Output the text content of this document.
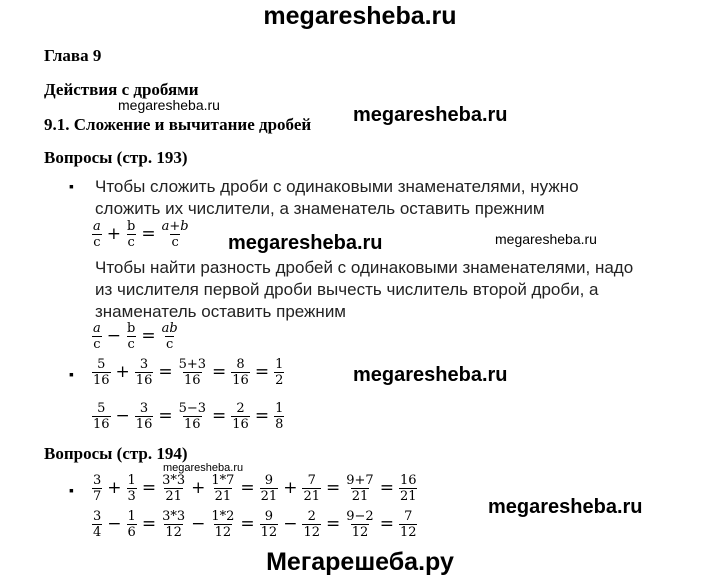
megaresheba.ru
Глава 9
Действия с дробями
megaresheba.ru
9.1. Сложение и вычитание дробей megaresheba.ru
Вопросы (стр. 193)
▪ Чтобы сложить дроби с одинаковыми знаменателями, нужно
сложить их числители, а знаменатель оставить прежним
$\frac{a}{c} + \frac{b}{c} = \frac{a+b}{c}$ megaresheba.ru	megaresheba.ru
Чтобы найти разность дробей с одинаковыми знаменателями, надо
из числителя первой дроби вычесть числитель второй дроби, а
знаменатель оставить прежним
$\frac{a}{c} - \frac{b}{c} = \frac{ab}{c}$
▪ $\frac{5}{16} + \frac{3}{16} = \frac{5+3}{16} = \frac{8}{16} = \frac{1}{2}$	megaresheba.ru
$\frac{5}{16} - \frac{3}{16} = \frac{5-3}{16} = \frac{2}{16} = \frac{1}{8}$
Вопросы (стр. 194)
megaresheba.ru
▪ $\frac{3}{7} + \frac{1}{3} = \frac{3*3}{21} + \frac{1*7}{21} = \frac{9}{21} + \frac{7}{21} = \frac{9+7}{21} = \frac{16}{21}$
$\frac{3}{4} - \frac{1}{6} = \frac{3*3}{12} - \frac{1*2}{12} = \frac{9}{12} - \frac{2}{12} = \frac{9-2}{12} = \frac{7}{12}$
megaresheba.ru
Мегарешеба.ру
